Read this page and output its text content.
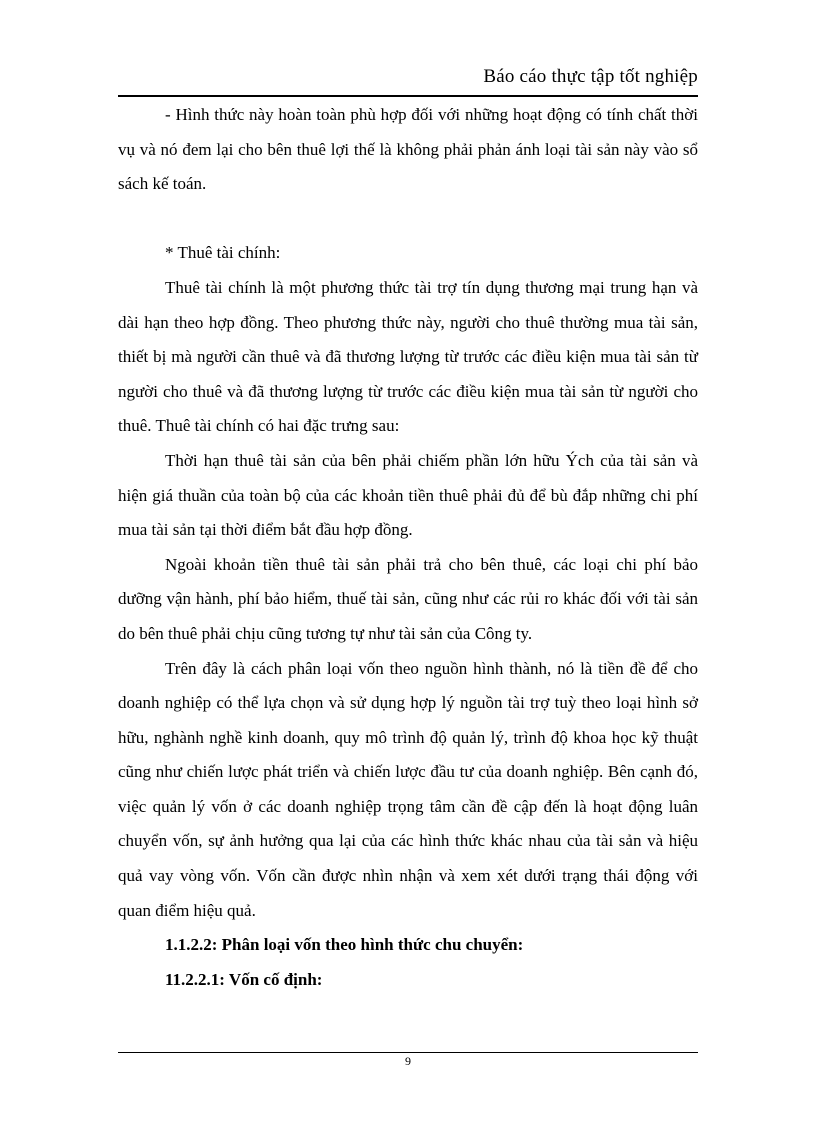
Báo cáo thực tập tốt nghiệp

- Hình thức này hoàn toàn phù hợp đối với những hoạt động có tính chất thời vụ và nó đem lại cho bên thuê lợi thế là không phải phản ánh loại tài sản này vào sổ sách kế toán.

* Thuê tài chính:

Thuê tài chính là một phương thức tài trợ tín dụng thương mại trung hạn và dài hạn theo hợp đồng. Theo phương thức này, người cho thuê thường mua tài sản, thiết bị mà người cần thuê và đã thương lượng từ trước các điều kiện mua tài sản từ người cho thuê và đã thương lượng từ trước các điều kiện mua tài sản từ người cho thuê. Thuê tài chính có hai đặc trưng sau:

Thời hạn thuê tài sản của bên phải chiếm phần lớn hữu Ých của tài sản và hiện giá thuần của toàn bộ của các khoản tiền thuê phải đủ để bù đắp những chi phí mua tài sản tại thời điểm bắt đầu hợp đồng.

Ngoài khoản tiền thuê tài sản phải trả cho bên thuê, các loại chi phí bảo dưỡng vận hành, phí bảo hiểm, thuế tài sản, cũng như các rủi ro khác đối với tài sản do bên thuê phải chịu cũng tương tự như tài sản của Công ty.

Trên đây là cách phân loại vốn theo nguồn hình thành, nó là tiền đề để cho doanh nghiệp có thể lựa chọn và sử dụng hợp lý nguồn tài trợ tuỳ theo loại hình sở hữu, nghành nghề kinh doanh, quy mô trình độ quản lý, trình độ khoa học kỹ thuật cũng như chiến lược phát triển và chiến lược đầu tư của doanh nghiệp. Bên cạnh đó, việc quản lý vốn ở các doanh nghiệp trọng tâm cần đề cập đến là hoạt động luân chuyển vốn, sự ảnh hưởng qua lại của các hình thức khác nhau của tài sản và hiệu quả vay vòng vốn. Vốn cần được nhìn nhận và xem xét dưới trạng thái động với quan điểm hiệu quả.

1.1.2.2: Phân loại vốn theo hình thức chu chuyển:

11.2.2.1: Vốn cố định:

9
